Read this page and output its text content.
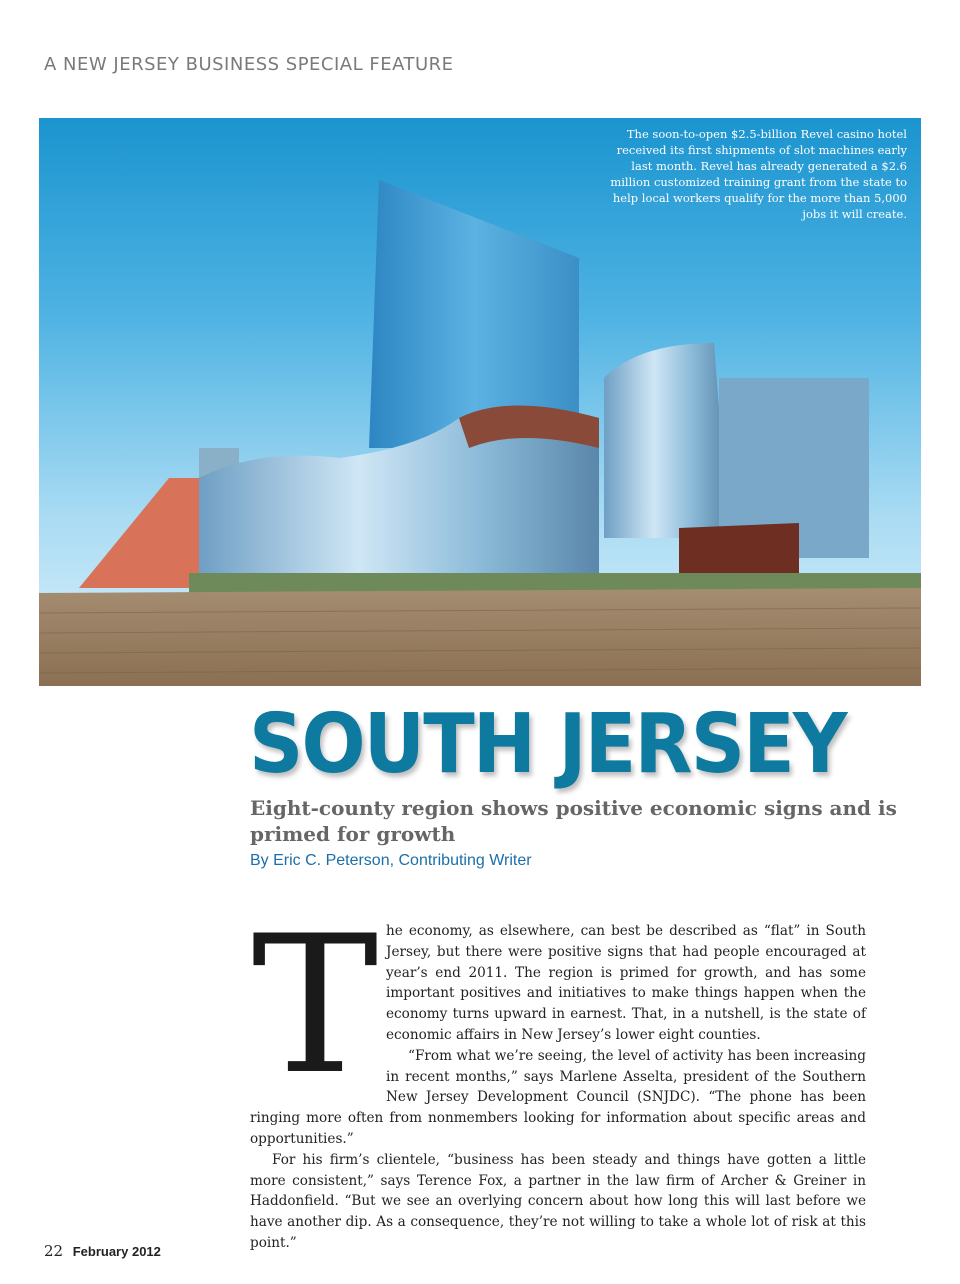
A NEW JERSEY BUSINESS SPECIAL FEATURE
The soon-to-open $2.5-billion Revel casino hotel received its first shipments of slot machines early last month. Revel has already generated a $2.6 million customized training grant from the state to help local workers qualify for the more than 5,000 jobs it will create.
SOUTH JERSEY
Eight-county region shows positive economic signs and is primed for growth
By Eric C. Peterson, Contributing Writer
T he economy, as elsewhere, can best be described as “flat” in South Jersey, but there were positive signs that had people encouraged at year’s end 2011. The region is primed for growth, and has some important positives and initiatives to make things happen when the economy turns upward in earnest. That, in a nutshell, is the state of economic affairs in New Jersey’s lower eight counties.

“From what we’re seeing, the level of activity has been increasing in recent months,” says Marlene Asselta, president of the Southern New Jersey Development Council (SNJDC). “The phone has been ringing more often from nonmembers looking for information about specific areas and opportunities.”

For his firm’s clientele, “business has been steady and things have gotten a little more consistent,” says Terence Fox, a partner in the law firm of Archer & Greiner in Haddonfield. “But we see an overlying concern about how long this will last before we have another dip. As a consequence, they’re not willing to take a whole lot of risk at this point.”

22 February 2012
